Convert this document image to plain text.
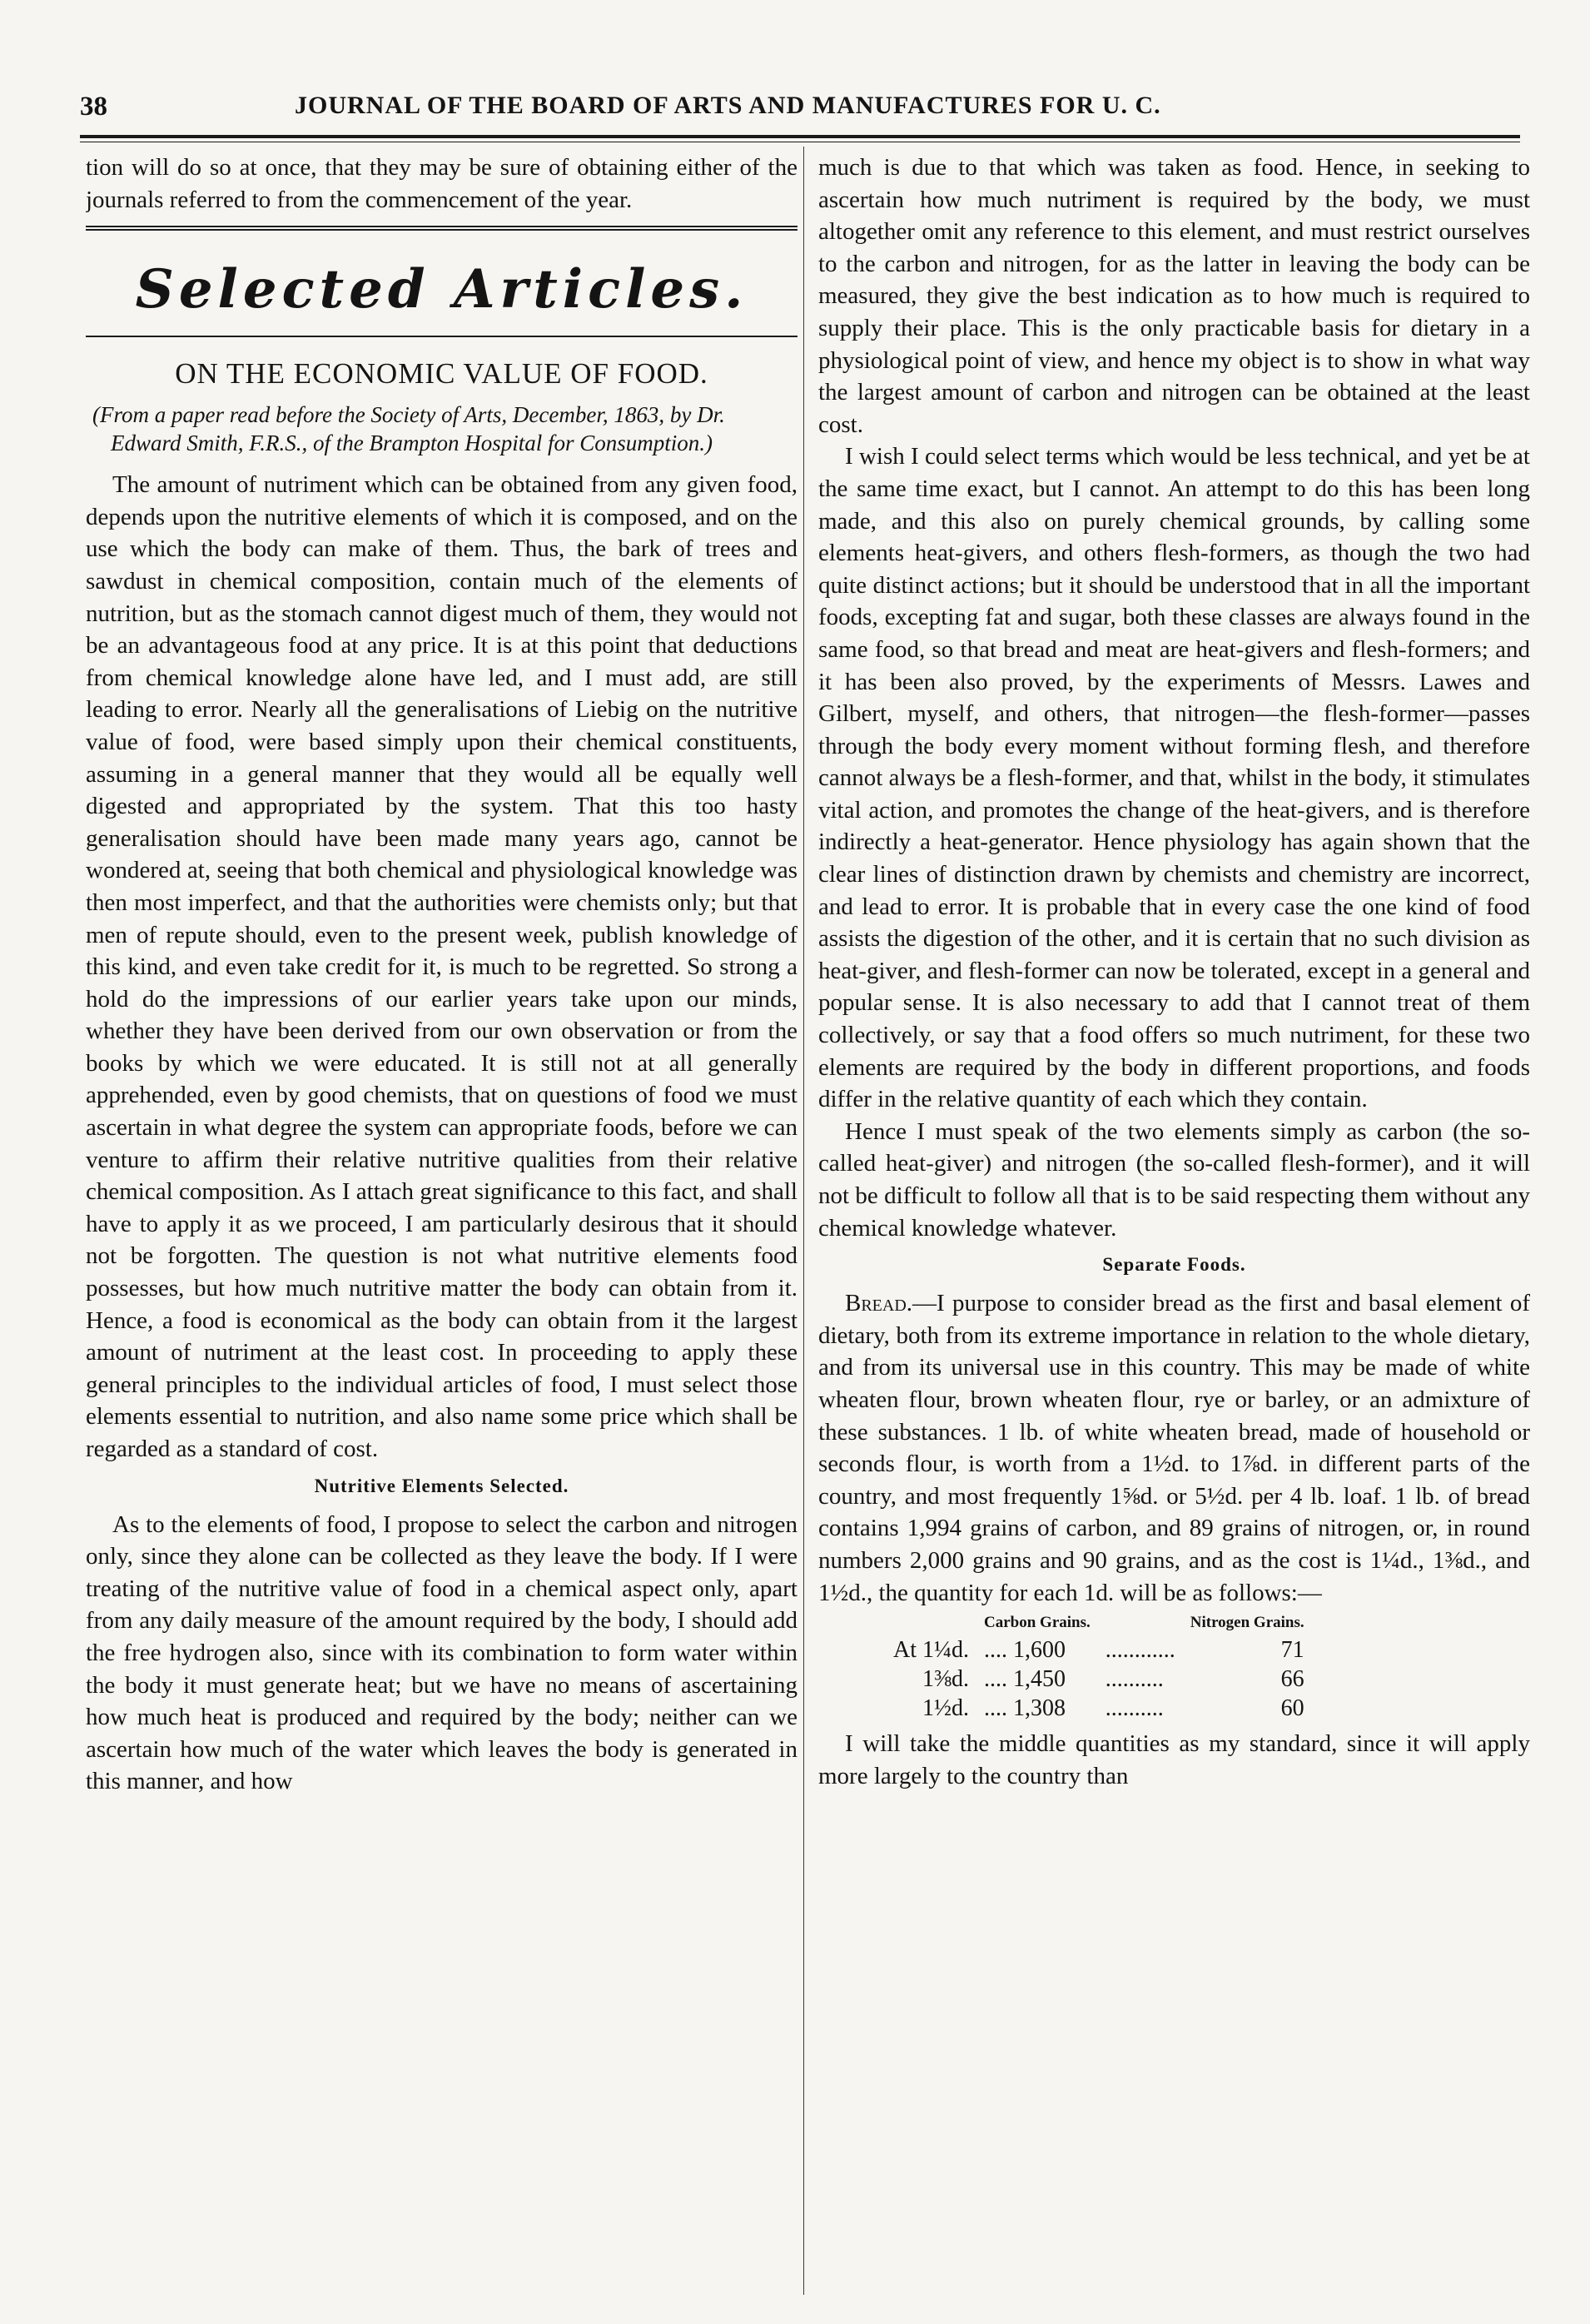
38	JOURNAL OF THE BOARD OF ARTS AND MANUFACTURES FOR U. C.

tion will do so at once, that they may be sure of obtaining either of the journals referred to from the commencement of the year.

Selected Articles.
ON THE ECONOMIC VALUE OF FOOD.
(From a paper read before the Society of Arts, December, 1863, by Dr. Edward Smith, F.R.S., of the Brampton Hospital for Consumption.)

The amount of nutriment which can be obtained from any given food, depends upon the nutritive elements of which it is composed, and on the use which the body can make of them. Thus, the bark of trees and sawdust in chemical composition, contain much of the elements of nutrition, but as the stomach cannot digest much of them, they would not be an advantageous food at any price. It is at this point that deductions from chemical knowledge alone have led, and I must add, are still leading to error. Nearly all the generalisations of Liebig on the nutritive value of food, were based simply upon their chemical constituents, assuming in a general manner that they would all be equally well digested and appropriated by the system. That this too hasty generalisation should have been made many years ago, cannot be wondered at, seeing that both chemical and physiological knowledge was then most imperfect, and that the authorities were chemists only; but that men of repute should, even to the present week, publish knowledge of this kind, and even take credit for it, is much to be regretted. So strong a hold do the impressions of our earlier years take upon our minds, whether they have been derived from our own observation or from the books by which we were educated. It is still not at all generally apprehended, even by good chemists, that on questions of food we must ascertain in what degree the system can appropriate foods, before we can venture to affirm their relative nutritive qualities from their relative chemical composition. As I attach great significance to this fact, and shall have to apply it as we proceed, I am particularly desirous that it should not be forgotten. The question is not what nutritive elements food possesses, but how much nutritive matter the body can obtain from it. Hence, a food is economical as the body can obtain from it the largest amount of nutriment at the least cost. In proceeding to apply these general principles to the individual articles of food, I must select those elements essential to nutrition, and also name some price which shall be regarded as a standard of cost.

Nutritive Elements Selected.

As to the elements of food, I propose to select the carbon and nitrogen only, since they alone can be collected as they leave the body. If I were treating of the nutritive value of food in a chemical aspect only, apart from any daily measure of the amount required by the body, I should add the free hydrogen also, since with its combination to form water within the body it must generate heat; but we have no means of ascertaining how much heat is produced and required by the body; neither can we ascertain how much of the water which leaves the body is generated in this manner, and how

much is due to that which was taken as food. Hence, in seeking to ascertain how much nutriment is required by the body, we must altogether omit any reference to this element, and must restrict ourselves to the carbon and nitrogen, for as the latter in leaving the body can be measured, they give the best indication as to how much is required to supply their place. This is the only practicable basis for dietary in a physiological point of view, and hence my object is to show in what way the largest amount of carbon and nitrogen can be obtained at the least cost.

I wish I could select terms which would be less technical, and yet be at the same time exact, but I cannot. An attempt to do this has been long made, and this also on purely chemical grounds, by calling some elements heat-givers, and others flesh-formers, as though the two had quite distinct actions; but it should be understood that in all the important foods, excepting fat and sugar, both these classes are always found in the same food, so that bread and meat are heat-givers and flesh-formers; and it has been also proved, by the experiments of Messrs. Lawes and Gilbert, myself, and others, that nitrogen—the flesh-former—passes through the body every moment without forming flesh, and therefore cannot always be a flesh-former, and that, whilst in the body, it stimulates vital action, and promotes the change of the heat-givers, and is therefore indirectly a heat-generator. Hence physiology has again shown that the clear lines of distinction drawn by chemists and chemistry are incorrect, and lead to error. It is probable that in every case the one kind of food assists the digestion of the other, and it is certain that no such division as heat-giver, and flesh-former can now be tolerated, except in a general and popular sense. It is also necessary to add that I cannot treat of them collectively, or say that a food offers so much nutriment, for these two elements are required by the body in different proportions, and foods differ in the relative quantity of each which they contain.

Hence I must speak of the two elements simply as carbon (the so-called heat-giver) and nitrogen (the so-called flesh-former), and it will not be difficult to follow all that is to be said respecting them without any chemical knowledge whatever.

Separate Foods.

Bread.—I purpose to consider bread as the first and basal element of dietary, both from its extreme importance in relation to the whole dietary, and from its universal use in this country. This may be made of white wheaten flour, brown wheaten flour, rye or barley, or an admixture of these substances. 1 lb. of white wheaten bread, made of household or seconds flour, is worth from a 1½d. to 1⅞d. in different parts of the country, and most frequently 1⅝d. or 5½d. per 4 lb. loaf. 1 lb. of bread contains 1,994 grains of carbon, and 89 grains of nitrogen, or, in round numbers 2,000 grains and 90 grains, and as the cost is 1¼d., 1⅜d., and 1½d., the quantity for each 1d. will be as follows:—

	Carbon Grains.		Nitrogen Grains.
At 1¼d.	.... 1,600	............	71
1⅜d.	.... 1,450	..........	66
1½d.	.... 1,308	..........	60

I will take the middle quantities as my standard, since it will apply more largely to the country than
